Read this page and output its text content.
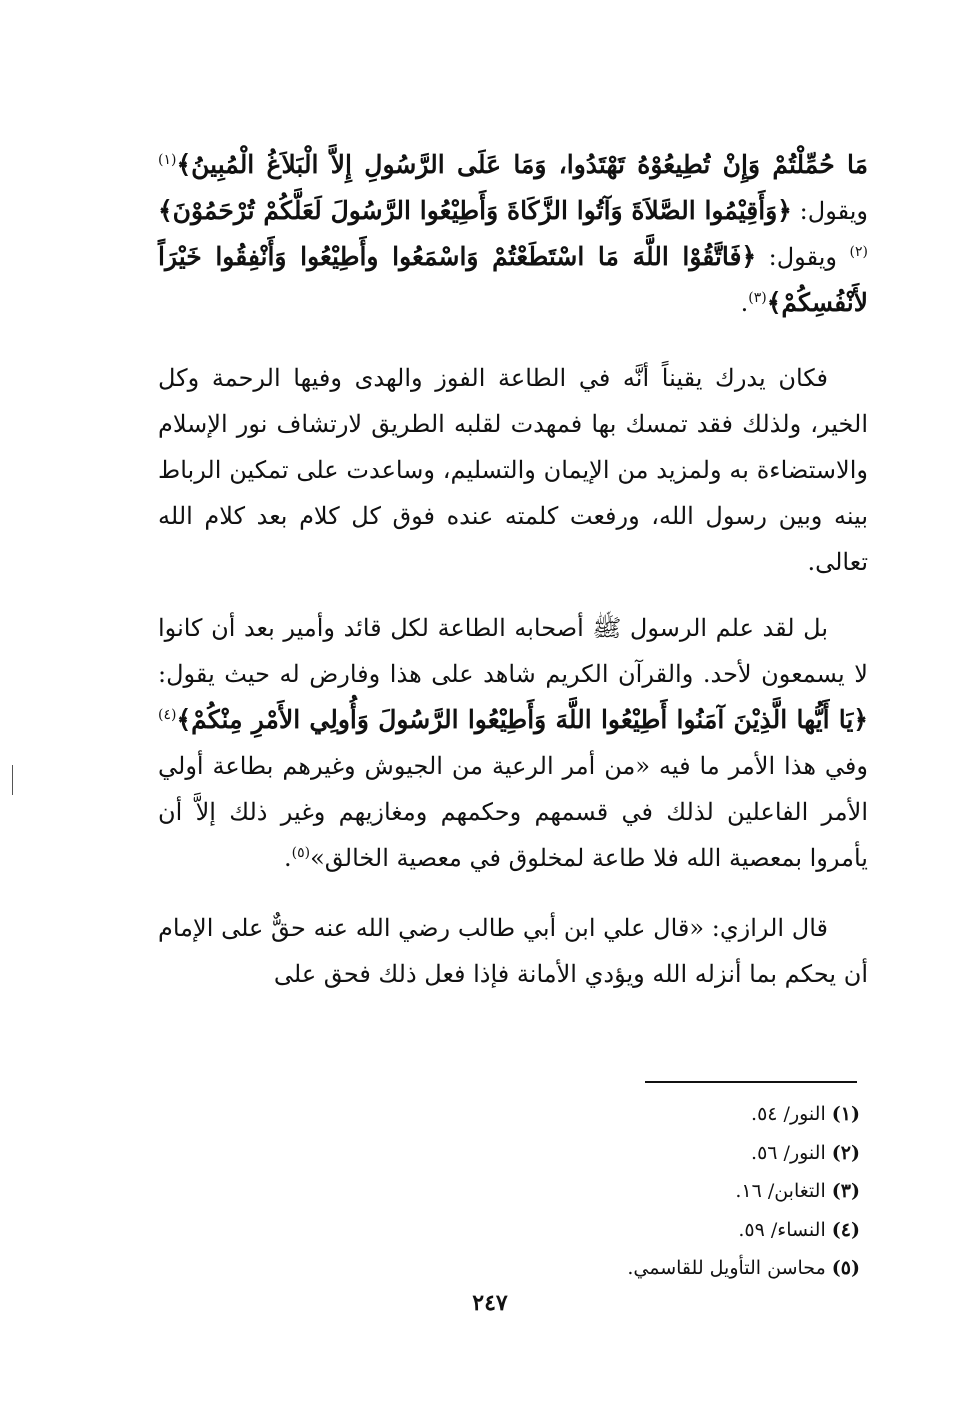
مَا حُمِّلْتُمْ وَإِنْ تُطِيعُوْهُ تَهْتَدُوا، وَمَا عَلَى الرَّسُولِ إِلاَّ الْبَلاَغُ الْمُبِينُ﴾$^{(١)}$ ويقول: ﴿وَأَقِيْمُوا الصَّلاَةَ وَآتُوا الزَّكَاةَ وَأَطِيْعُوا الرَّسُولَ لَعَلَّكُمْ تُرْحَمُوْنَ﴾$^{(٢)}$ ويقول: ﴿فَاتَّقُوْا اللَّهَ مَا اسْتَطَعْتُمْ وَاسْمَعُوا وأَطِيْعُوا وَأَنْفِقُوا خَيْرَاً لأَنْفُسِكُمْ﴾$^{(٣)}$.

فكان يدرك يقيناً أنَّه في الطاعة الفوز والهدى وفيها الرحمة وكل الخير، ولذلك فقد تمسك بها فمهدت لقلبه الطريق لارتشاف نور الإسلام والاستضاءة به ولمزيد من الإيمان والتسليم، وساعدت على تمكين الرباط بينه وبين رسول الله، ورفعت كلمته عنده فوق كل كلام بعد كلام الله تعالى.

بل لقد علم الرسول ﷺ أصحابه الطاعة لكل قائد وأمير بعد أن كانوا لا يسمعون لأحد. والقرآن الكريم شاهد على هذا وفارض له حيث يقول: ﴿يَا أَيُّها الَّذِيْنَ آمَنُوا أَطِيْعُوا اللَّهَ وَأَطِيْعُوا الرَّسُولَ وَأُولِي الأَمْرِ مِنْكُمْ﴾$^{(٤)}$ وفي هذا الأمر ما فيه «من أمر الرعية من الجيوش وغيرهم بطاعة أولي الأمر الفاعلين لذلك في قسمهم وحكمهم ومغازيهم وغير ذلك إلاَّ أن يأمروا بمعصية الله فلا طاعة لمخلوق في معصية الخالق»$^{(٥)}$.

قال الرازي: «قال علي ابن أبي طالب رضي الله عنه حقٌّ على الإمام أن يحكم بما أنزله الله ويؤدي الأمانة فإذا فعل ذلك فحق على

(١) النور/ ٥٤.
(٢) النور/ ٥٦.
(٣) التغابن/ ١٦.
(٤) النساء/ ٥٩.
(٥) محاسن التأويل للقاسمي.
٢٤٧
